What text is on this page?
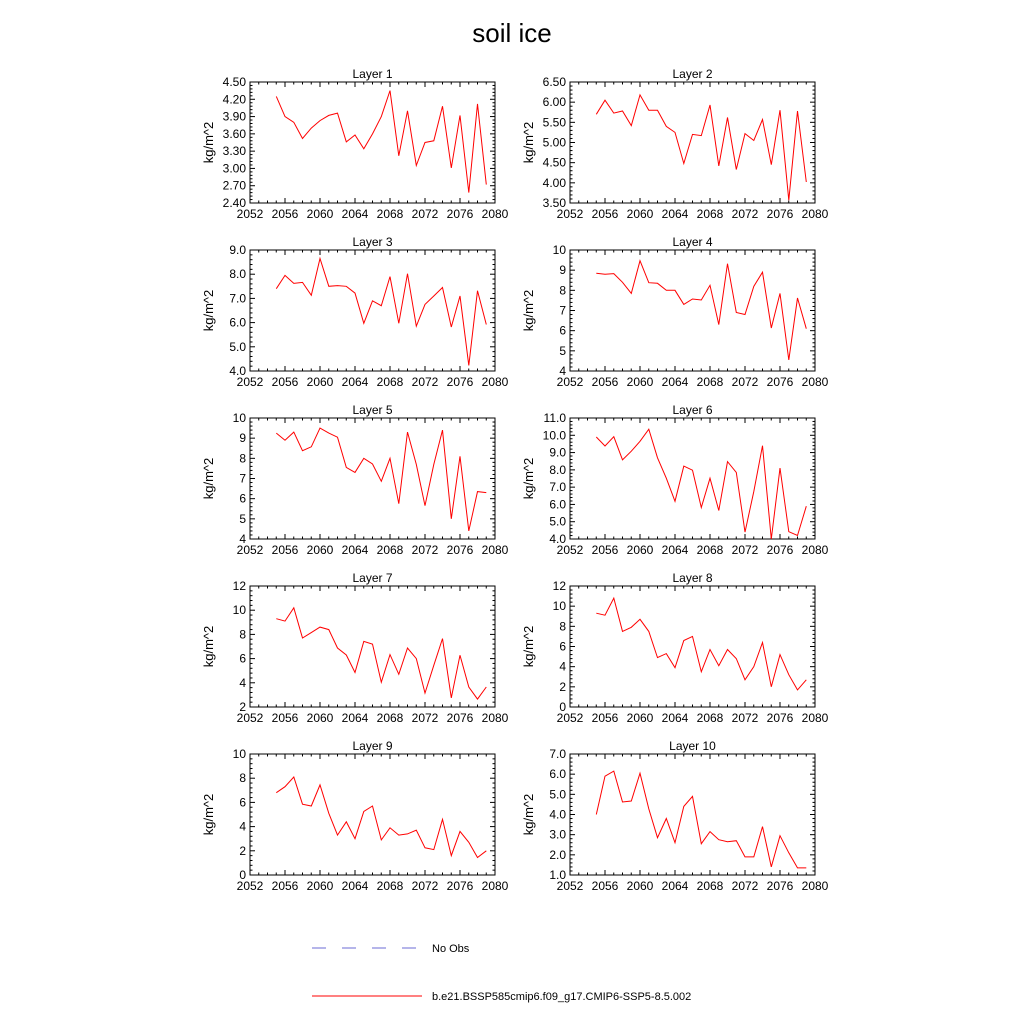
soil ice
Layer 1
2052 2056 2060 2064 2068 2072 2076 2080
2.40
2.70
3.00
3.30
3.60
3.90
4.20
4.50
kg/m^2
Layer 2
2052 2056 2060 2064 2068 2072 2076 2080
3.50
4.00
4.50
5.00
5.50
6.00
6.50
kg/m^2
Layer 3
2052 2056 2060 2064 2068 2072 2076 2080
4.0
5.0
6.0
7.0
8.0
9.0
kg/m^2
Layer 4
2052 2056 2060 2064 2068 2072 2076 2080
4
5
6
7
8
9
10
kg/m^2
Layer 5
2052 2056 2060 2064 2068 2072 2076 2080
4
5
6
7
8
9
10
kg/m^2
Layer 6
2052 2056 2060 2064 2068 2072 2076 2080
4.0
5.0
6.0
7.0
8.0
9.0
10.0
11.0
kg/m^2
Layer 7
2052 2056 2060 2064 2068 2072 2076 2080
2
4
6
8
10
12
kg/m^2
Layer 8
2052 2056 2060 2064 2068 2072 2076 2080
0
2
4
6
8
10
12
kg/m^2
Layer 9
2052 2056 2060 2064 2068 2072 2076 2080
0
2
4
6
8
10
kg/m^2
Layer 10
2052 2056 2060 2064 2068 2072 2076 2080
1.0
2.0
3.0
4.0
5.0
6.0
7.0
kg/m^2
No Obs
b.e21.BSSP585cmip6.f09_g17.CMIP6-SSP5-8.5.002
